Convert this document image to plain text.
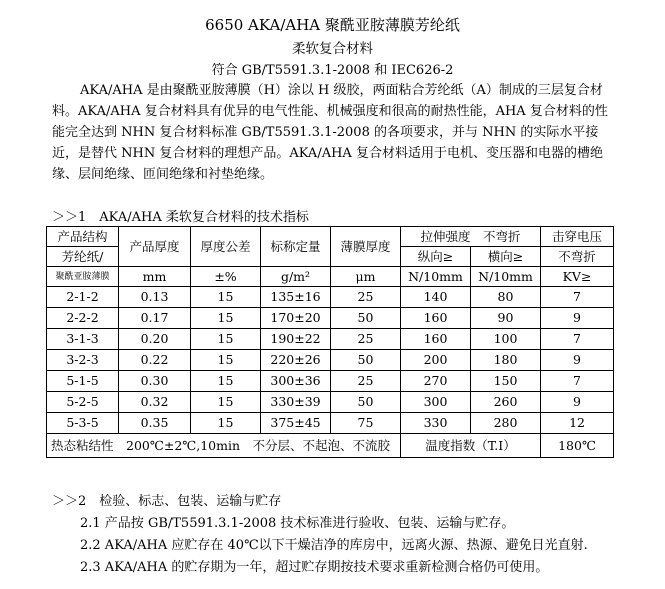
6650 AKA/AHA 聚酰亚胺薄膜芳纶纸
柔软复合材料
符合 GB/T5591.3.1-2008 和 IEC626-2

AKA/AHA 是由聚酰亚胺薄膜（H）涂以 H 级胶，两面粘合芳纶纸（A）制成的三层复合材料。AKA/AHA 复合材料具有优异的电气性能、机械强度和很高的耐热性能，AHA 复合材料的性能完全达到 NHN 复合材料标准 GB/T5591.3.1-2008 的各项要求，并与 NHN 的实际水平接近，是替代 NHN 复合材料的理想产品。AKA/AHA 复合材料适用于电机、变压器和电器的槽绝缘、层间绝缘、匝间绝缘和衬垫绝缘。

＞＞1　AKA/AHA 柔软复合材料的技术指标
产品结构	产品厚度	厚度公差	标称定量	薄膜厚度	拉伸强度　不弯折		击穿电压
芳纶纸/					纵向≥	横向≥	不弯折
聚酰亚胺薄膜	mm	±%	g/m²	μm	N/10mm	N/10mm	KV≥
2-1-2	0.13	15	135±16	25	140	80	7
2-2-2	0.17	15	170±20	50	160	90	9
3-1-3	0.20	15	190±22	25	160	100	7
3-2-3	0.22	15	220±26	50	200	180	9
5-1-5	0.30	15	300±36	25	270	150	7
5-2-5	0.32	15	330±39	50	300	260	9
5-3-5	0.35	15	375±45	75	330	280	12
热态粘结性　200℃±2℃,10min　不分层、不起泡、不流胶					温度指数（T.I）		180℃
＞＞2　检验、标志、包装、运输与贮存
2.1 产品按 GB/T5591.3.1-2008 技术标准进行验收、包装、运输与贮存。
2.2 AKA/AHA 应贮存在 40℃以下干燥洁净的库房中，远离火源、热源、避免日光直射.
2.3 AKA/AHA 的贮存期为一年，超过贮存期按技术要求重新检测合格仍可使用。
